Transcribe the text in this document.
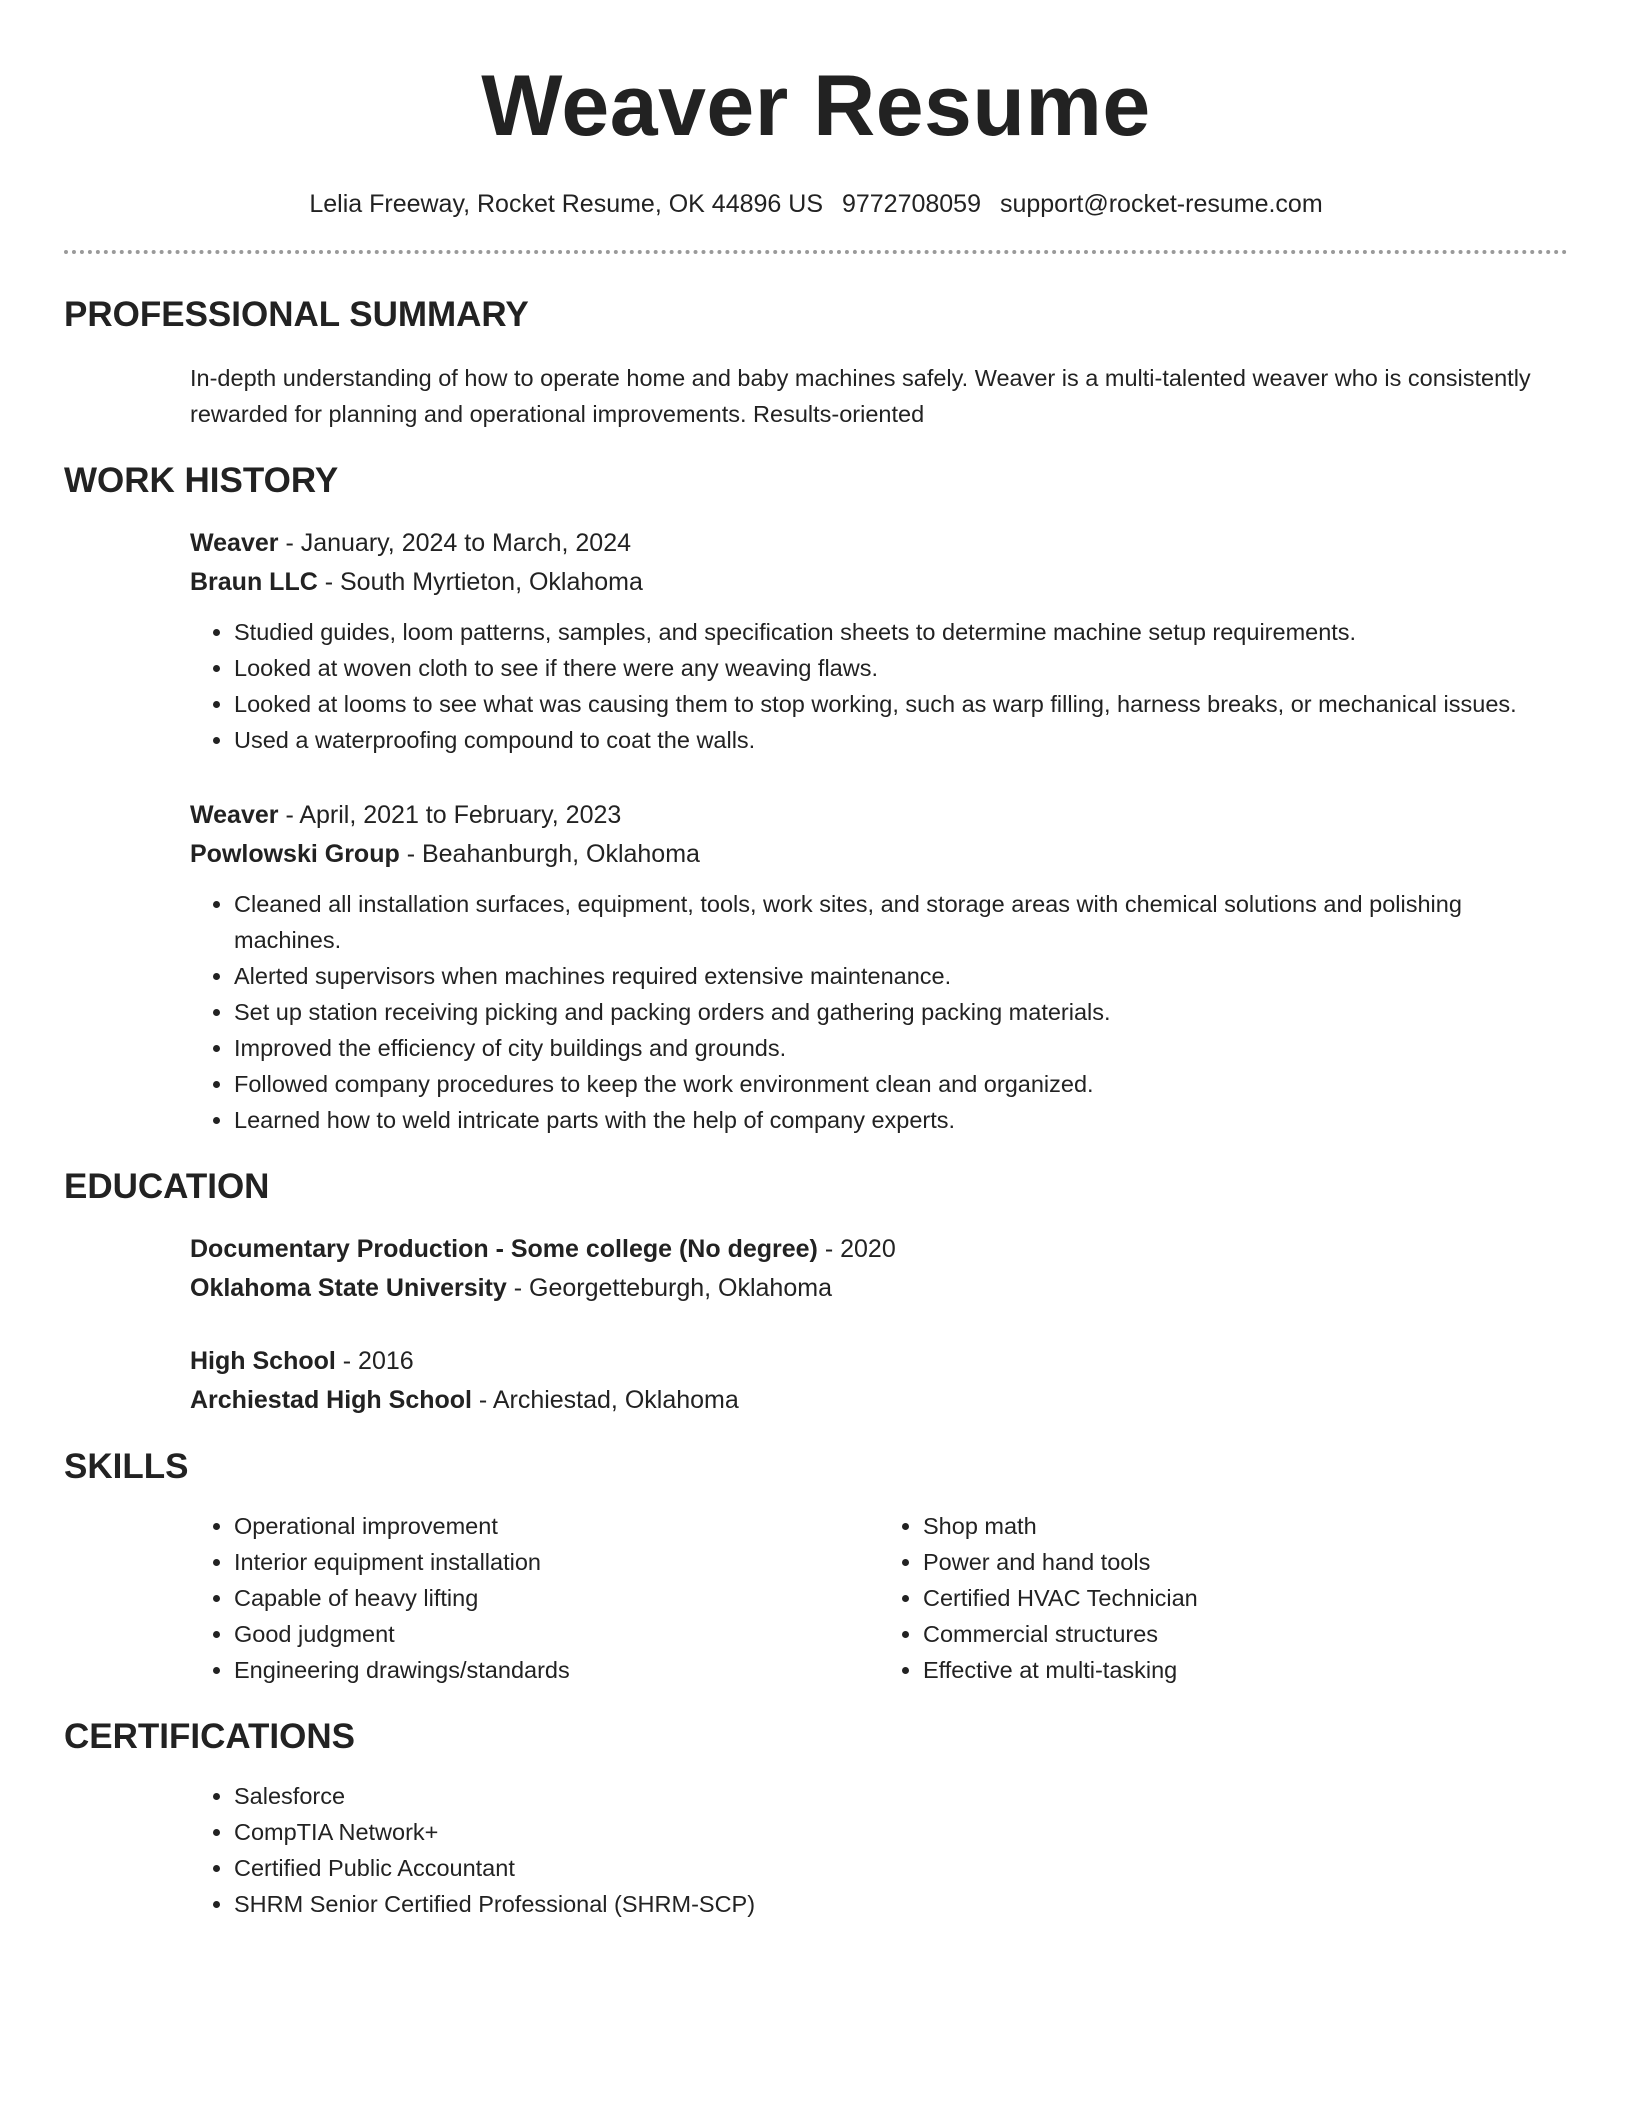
Weaver Resume
Lelia Freeway, Rocket Resume, OK 44896 US 9772708059 support@rocket-resume.com
PROFESSIONAL SUMMARY
In-depth understanding of how to operate home and baby machines safely. Weaver is a multi-talented weaver who is consistently rewarded for planning and operational improvements. Results-oriented
WORK HISTORY
Weaver - January, 2024 to March, 2024
Braun LLC - South Myrtieton, Oklahoma
• Studied guides, loom patterns, samples, and specification sheets to determine machine setup requirements.
• Looked at woven cloth to see if there were any weaving flaws.
• Looked at looms to see what was causing them to stop working, such as warp filling, harness breaks, or mechanical issues.
• Used a waterproofing compound to coat the walls.
Weaver - April, 2021 to February, 2023
Powlowski Group - Beahanburgh, Oklahoma
• Cleaned all installation surfaces, equipment, tools, work sites, and storage areas with chemical solutions and polishing machines.
• Alerted supervisors when machines required extensive maintenance.
• Set up station receiving picking and packing orders and gathering packing materials.
• Improved the efficiency of city buildings and grounds.
• Followed company procedures to keep the work environment clean and organized.
• Learned how to weld intricate parts with the help of company experts.
EDUCATION
Documentary Production - Some college (No degree) - 2020
Oklahoma State University - Georgetteburgh, Oklahoma
High School - 2016
Archiestad High School - Archiestad, Oklahoma
SKILLS
• Operational improvement
• Interior equipment installation
• Capable of heavy lifting
• Good judgment
• Engineering drawings/standards
• Shop math
• Power and hand tools
• Certified HVAC Technician
• Commercial structures
• Effective at multi-tasking
CERTIFICATIONS
• Salesforce
• CompTIA Network+
• Certified Public Accountant
• SHRM Senior Certified Professional (SHRM-SCP)
